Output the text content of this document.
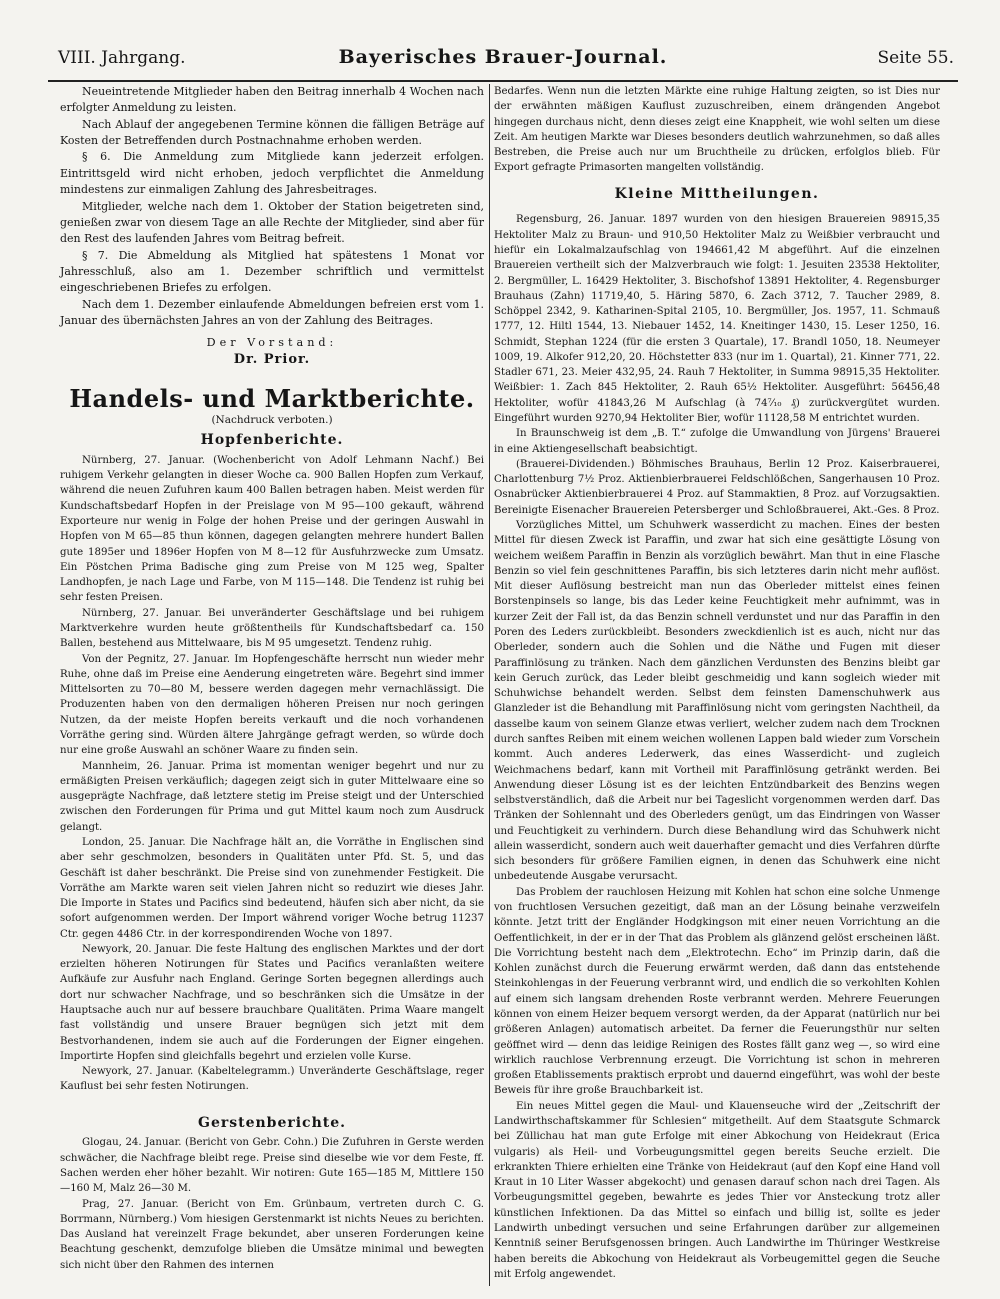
VIII. Jahrgang.	Bayerisches Brauer-Journal.	Seite 55.

Neueintretende Mitglieder haben den Beitrag innerhalb 4 Wochen nach erfolgter Anmeldung zu leisten.

Nach Ablauf der angegebenen Termine können die fälligen Beträge auf Kosten der Betreffenden durch Postnachnahme erhoben werden.

§ 6. Die Anmeldung zum Mitgliede kann jederzeit erfolgen. Eintrittsgeld wird nicht erhoben, jedoch verpflichtet die Anmeldung mindestens zur einmaligen Zahlung des Jahresbeitrages.

Mitglieder, welche nach dem 1. Oktober der Station beigetreten sind, genießen zwar von diesem Tage an alle Rechte der Mitglieder, sind aber für den Rest des laufenden Jahres vom Beitrag befreit.

§ 7. Die Abmeldung als Mitglied hat spätestens 1 Monat vor Jahresschluß, also am 1. Dezember schriftlich und vermittelst eingeschriebenen Briefes zu erfolgen.

Nach dem 1. Dezember einlaufende Abmeldungen befreien erst vom 1. Januar des übernächsten Jahres an von der Zahlung des Beitrages.

Der Vorstand:
Dr. Prior.
Handels- und Marktberichte.
(Nachdruck verboten.)
Hopfenberichte.

Nürnberg, 27. Januar. (Wochenbericht von Adolf Lehmann Nachf.) Bei ruhigem Verkehr gelangten in dieser Woche ca. 900 Ballen Hopfen zum Verkauf, während die neuen Zufuhren kaum 400 Ballen betragen haben. Meist werden für Kundschaftsbedarf Hopfen in der Preislage von M 95—100 gekauft, während Exporteure nur wenig in Folge der hohen Preise und der geringen Auswahl in Hopfen von M 65—85 thun können, dagegen gelangten mehrere hundert Ballen gute 1895er und 1896er Hopfen von M 8—12 für Ausfuhrzwecke zum Umsatz. Ein Pöstchen Prima Badische ging zum Preise von M 125 weg, Spalter Landhopfen, je nach Lage und Farbe, von M 115—148. Die Tendenz ist ruhig bei sehr festen Preisen.

Nürnberg, 27. Januar. Bei unveränderter Geschäftslage und bei ruhigem Marktverkehre wurden heute größtentheils für Kundschaftsbedarf ca. 150 Ballen, bestehend aus Mittelwaare, bis M 95 umgesetzt. Tendenz ruhig.

Von der Pegnitz, 27. Januar. Im Hopfengeschäfte herrscht nun wieder mehr Ruhe, ohne daß im Preise eine Aenderung eingetreten wäre. Begehrt sind immer Mittelsorten zu 70—80 M, bessere werden dagegen mehr vernachlässigt. Die Produzenten haben von den dermaligen höheren Preisen nur noch geringen Nutzen, da der meiste Hopfen bereits verkauft und die noch vorhandenen Vorräthe gering sind. Würden ältere Jahrgänge gefragt werden, so würde doch nur eine große Auswahl an schöner Waare zu finden sein.

Mannheim, 26. Januar. Prima ist momentan weniger begehrt und nur zu ermäßigten Preisen verkäuflich; dagegen zeigt sich in guter Mittelwaare eine so ausgeprägte Nachfrage, daß letztere stetig im Preise steigt und der Unterschied zwischen den Forderungen für Prima und gut Mittel kaum noch zum Ausdruck gelangt.

London, 25. Januar. Die Nachfrage hält an, die Vorräthe in Englischen sind aber sehr geschmolzen, besonders in Qualitäten unter Pfd. St. 5, und das Geschäft ist daher beschränkt. Die Preise sind von zunehmender Festigkeit. Die Vorräthe am Markte waren seit vielen Jahren nicht so reduzirt wie dieses Jahr. Die Importe in States und Pacifics sind bedeutend, häufen sich aber nicht, da sie sofort aufgenommen werden. Der Import während voriger Woche betrug 11237 Ctr. gegen 4486 Ctr. in der korrespondirenden Woche von 1897.

Newyork, 20. Januar. Die feste Haltung des englischen Marktes und der dort erzielten höheren Notirungen für States und Pacifics veranlaßten weitere Aufkäufe zur Ausfuhr nach England. Geringe Sorten begegnen allerdings auch dort nur schwacher Nachfrage, und so beschränken sich die Umsätze in der Hauptsache auch nur auf bessere brauchbare Qualitäten. Prima Waare mangelt fast vollständig und unsere Brauer begnügen sich jetzt mit dem Bestvorhandenen, indem sie auch auf die Forderungen der Eigner eingehen. Importirte Hopfen sind gleichfalls begehrt und erzielen volle Kurse.

Newyork, 27. Januar. (Kabeltelegramm.) Unveränderte Geschäftslage, reger Kauflust bei sehr festen Notirungen.

Gerstenberichte.

Glogau, 24. Januar. (Bericht von Gebr. Cohn.) Die Zufuhren in Gerste werden schwächer, die Nachfrage bleibt rege. Preise sind dieselbe wie vor dem Feste, ff. Sachen werden eher höher bezahlt. Wir notiren: Gute 165—185 M, Mittlere 150—160 M, Malz 26—30 M.

Prag, 27. Januar. (Bericht von Em. Grünbaum, vertreten durch C. G. Borrmann, Nürnberg.) Vom hiesigen Gerstenmarkt ist nichts Neues zu berichten. Das Ausland hat vereinzelt Frage bekundet, aber unseren Forderungen keine Beachtung geschenkt, demzufolge blieben die Umsätze minimal und bewegten sich nicht über den Rahmen des internen

Bedarfes. Wenn nun die letzten Märkte eine ruhige Haltung zeigten, so ist Dies nur der erwähnten mäßigen Kauflust zuzuschreiben, einem drängenden Angebot hingegen durchaus nicht, denn dieses zeigt eine Knappheit, wie wohl selten um diese Zeit. Am heutigen Markte war Dieses besonders deutlich wahrzunehmen, so daß alles Bestreben, die Preise auch nur um Bruchtheile zu drücken, erfolglos blieb. Für Export gefragte Primasorten mangelten vollständig.

Kleine Mittheilungen.

Regensburg, 26. Januar. 1897 wurden von den hiesigen Brauereien 98915,35 Hektoliter Malz zu Braun- und 910,50 Hektoliter Malz zu Weißbier verbraucht und hiefür ein Lokalmalzaufschlag von 194661,42 M abgeführt. Auf die einzelnen Brauereien vertheilt sich der Malzverbrauch wie folgt: 1. Jesuiten 23538 Hektoliter, 2. Bergmüller, L. 16429 Hektoliter, 3. Bischofshof 13891 Hektoliter, 4. Regensburger Brauhaus (Zahn) 11719,40, 5. Häring 5870, 6. Zach 3712, 7. Taucher 2989, 8. Schöppel 2342, 9. Katharinen-Spital 2105, 10. Bergmüller, Jos. 1957, 11. Schmauß 1777, 12. Hiltl 1544, 13. Niebauer 1452, 14. Kneitinger 1430, 15. Leser 1250, 16. Schmidt, Stephan 1224 (für die ersten 3 Quartale), 17. Brandl 1050, 18. Neumeyer 1009, 19. Alkofer 912,20, 20. Höchstetter 833 (nur im 1. Quartal), 21. Kinner 771, 22. Stadler 671, 23. Meier 432,95, 24. Rauh 7 Hektoliter, in Summa 98915,35 Hektoliter. Weißbier: 1. Zach 845 Hektoliter, 2. Rauh 65½ Hektoliter. Ausgeführt: 56456,48 Hektoliter, wofür 41843,26 M Aufschlag (à 74⁷⁄₁₀ ₰) zurückvergütet wurden. Eingeführt wurden 9270,94 Hektoliter Bier, wofür 11128,58 M entrichtet wurden.

In Braunschweig ist dem „B. T.“ zufolge die Umwandlung von Jürgens' Brauerei in eine Aktiengesellschaft beabsichtigt.

(Brauerei-Dividenden.) Böhmisches Brauhaus, Berlin 12 Proz. Kaiserbrauerei, Charlottenburg 7½ Proz. Aktienbierbrauerei Feldschlößchen, Sangerhausen 10 Proz. Osnabrücker Aktienbierbrauerei 4 Proz. auf Stammaktien, 8 Proz. auf Vorzugsaktien. Bereinigte Eisenacher Brauereien Petersberger und Schloßbrauerei, Akt.-Ges. 8 Proz.

Vorzügliches Mittel, um Schuhwerk wasserdicht zu machen. Eines der besten Mittel für diesen Zweck ist Paraffin, und zwar hat sich eine gesättigte Lösung von weichem weißem Paraffin in Benzin als vorzüglich bewährt. Man thut in eine Flasche Benzin so viel fein geschnittenes Paraffin, bis sich letzteres darin nicht mehr auflöst. Mit dieser Auflösung bestreicht man nun das Oberleder mittelst eines feinen Borstenpinsels so lange, bis das Leder keine Feuchtigkeit mehr aufnimmt, was in kurzer Zeit der Fall ist, da das Benzin schnell verdunstet und nur das Paraffin in den Poren des Leders zurückbleibt. Besonders zweckdienlich ist es auch, nicht nur das Oberleder, sondern auch die Sohlen und die Näthe und Fugen mit dieser Paraffinlösung zu tränken. Nach dem gänzlichen Verdunsten des Benzins bleibt gar kein Geruch zurück, das Leder bleibt geschmeidig und kann sogleich wieder mit Schuhwichse behandelt werden. Selbst dem feinsten Damenschuhwerk aus Glanzleder ist die Behandlung mit Paraffinlösung nicht vom geringsten Nachtheil, da dasselbe kaum von seinem Glanze etwas verliert, welcher zudem nach dem Trocknen durch sanftes Reiben mit einem weichen wollenen Lappen bald wieder zum Vorschein kommt. Auch anderes Lederwerk, das eines Wasserdicht- und zugleich Weichmachens bedarf, kann mit Vortheil mit Paraffinlösung getränkt werden. Bei Anwendung dieser Lösung ist es der leichten Entzündbarkeit des Benzins wegen selbstverständlich, daß die Arbeit nur bei Tageslicht vorgenommen werden darf. Das Tränken der Sohlennaht und des Oberleders genügt, um das Eindringen von Wasser und Feuchtigkeit zu verhindern. Durch diese Behandlung wird das Schuhwerk nicht allein wasserdicht, sondern auch weit dauerhafter gemacht und dies Verfahren dürfte sich besonders für größere Familien eignen, in denen das Schuhwerk eine nicht unbedeutende Ausgabe verursacht.

Das Problem der rauchlosen Heizung mit Kohlen hat schon eine solche Unmenge von fruchtlosen Versuchen gezeitigt, daß man an der Lösung beinahe verzweifeln könnte. Jetzt tritt der Engländer Hodgkingson mit einer neuen Vorrichtung an die Oeffentlichkeit, in der er in der That das Problem als glänzend gelöst erscheinen läßt. Die Vorrichtung besteht nach dem „Elektrotechn. Echo“ im Prinzip darin, daß die Kohlen zunächst durch die Feuerung erwärmt werden, daß dann das entstehende Steinkohlengas in der Feuerung verbrannt wird, und endlich die so verkohlten Kohlen auf einem sich langsam drehenden Roste verbrannt werden. Mehrere Feuerungen können von einem Heizer bequem versorgt werden, da der Apparat (natürlich nur bei größeren Anlagen) automatisch arbeitet. Da ferner die Feuerungsthür nur selten geöffnet wird — denn das leidige Reinigen des Rostes fällt ganz weg —, so wird eine wirklich rauchlose Verbrennung erzeugt. Die Vorrichtung ist schon in mehreren großen Etablissements praktisch erprobt und dauernd eingeführt, was wohl der beste Beweis für ihre große Brauchbarkeit ist.

Ein neues Mittel gegen die Maul- und Klauenseuche wird der „Zeitschrift der Landwirthschaftskammer für Schlesien“ mitgetheilt. Auf dem Staatsgute Schmarck bei Züllichau hat man gute Erfolge mit einer Abkochung von Heidekraut (Erica vulgaris) als Heil- und Vorbeugungsmittel gegen bereits Seuche erzielt. Die erkrankten Thiere erhielten eine Tränke von Heidekraut (auf den Kopf eine Hand voll Kraut in 10 Liter Wasser abgekocht) und genasen darauf schon nach drei Tagen. Als Vorbeugungsmittel gegeben, bewahrte es jedes Thier vor Ansteckung trotz aller künstlichen Infektionen. Da das Mittel so einfach und billig ist, sollte es jeder Landwirth unbedingt versuchen und seine Erfahrungen darüber zur allgemeinen Kenntniß seiner Berufsgenossen bringen. Auch Landwirthe im Thüringer Westkreise haben bereits die Abkochung von Heidekraut als Vorbeugemittel gegen die Seuche mit Erfolg angewendet.
